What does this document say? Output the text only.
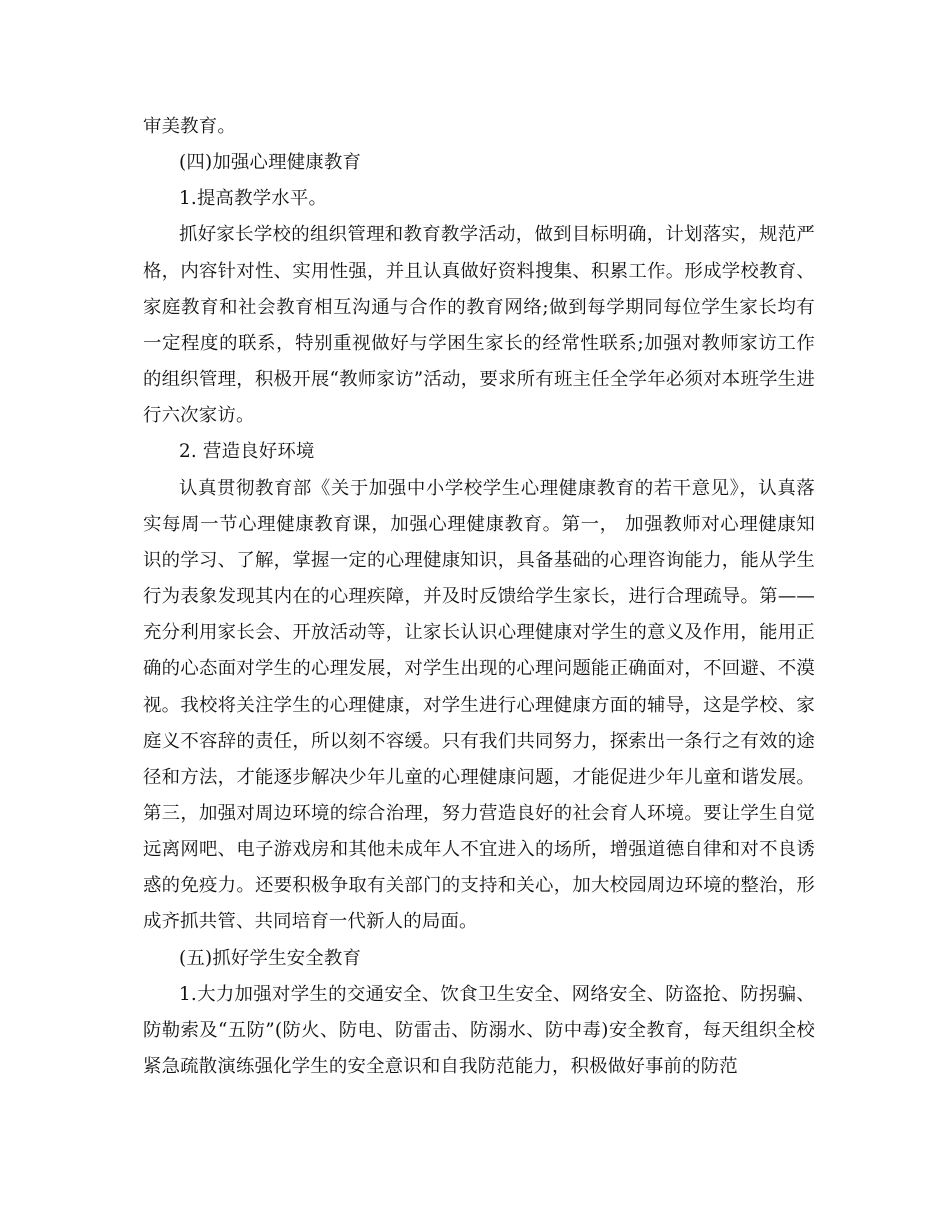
审美教育。

(四)加强心理健康教育

1.提高教学水平。

抓好家长学校的组织管理和教育教学活动，做到目标明确，计划落实，规范严格，内容针对性、实用性强，并且认真做好资料搜集、积累工作。形成学校教育、家庭教育和社会教育相互沟通与合作的教育网络;做到每学期同每位学生家长均有一定程度的联系，特别重视做好与学困生家长的经常性联系;加强对教师家访工作的组织管理，积极开展“教师家访”活动，要求所有班主任全学年必须对本班学生进行六次家访。

2. 营造良好环境

认真贯彻教育部《关于加强中小学校学生心理健康教育的若干意见》，认真落实每周一节心理健康教育课，加强心理健康教育。第一， 加强教师对心理健康知识的学习、了解，掌握一定的心理健康知识，具备基础的心理咨询能力，能从学生行为表象发现其内在的心理疾障，并及时反馈给学生家长，进行合理疏导。第——充分利用家长会、开放活动等，让家长认识心理健康对学生的意义及作用，能用正确的心态面对学生的心理发展，对学生出现的心理问题能正确面对，不回避、不漠视。我校将关注学生的心理健康，对学生进行心理健康方面的辅导，这是学校、家庭义不容辞的责任，所以刻不容缓。只有我们共同努力，探索出一条行之有效的途径和方法，才能逐步解决少年儿童的心理健康问题，才能促进少年儿童和谐发展。第三，加强对周边环境的综合治理，努力营造良好的社会育人环境。要让学生自觉远离网吧、电子游戏房和其他未成年人不宜进入的场所，增强道德自律和对不良诱惑的免疫力。还要积极争取有关部门的支持和关心，加大校园周边环境的整治，形成齐抓共管、共同培育一代新人的局面。

(五)抓好学生安全教育

1.大力加强对学生的交通安全、饮食卫生安全、网络安全、防盗抢、防拐骗、防勒索及“五防”(防火、防电、防雷击、防溺水、防中毒)安全教育，每天组织全校紧急疏散演练强化学生的安全意识和自我防范能力，积极做好事前的防范
